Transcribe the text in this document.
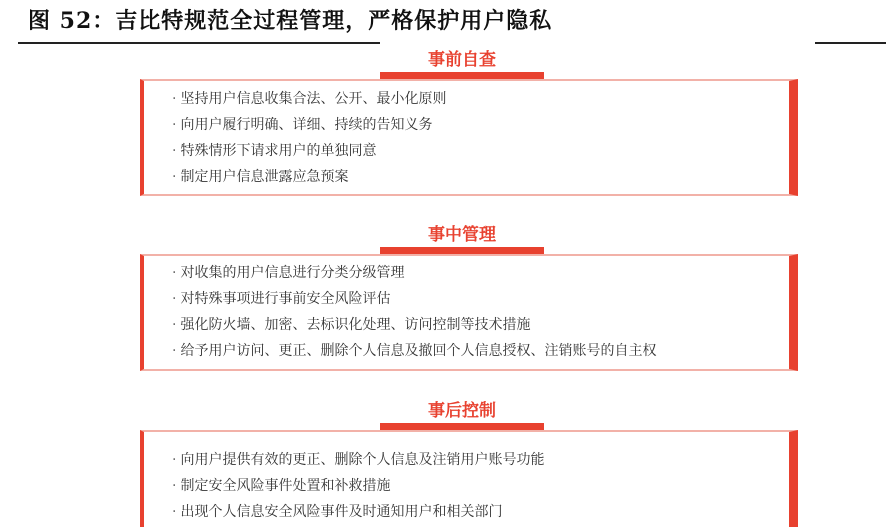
图 52：吉比特规范全过程管理，严格保护用户隐私
事前自查
· 坚持用户信息收集合法、公开、最小化原则
· 向用户履行明确、详细、持续的告知义务
· 特殊情形下请求用户的单独同意
· 制定用户信息泄露应急预案
事中管理
· 对收集的用户信息进行分类分级管理
· 对特殊事项进行事前安全风险评估
· 强化防火墙、加密、去标识化处理、访问控制等技术措施
· 给予用户访问、更正、删除个人信息及撤回个人信息授权、注销账号的自主权
事后控制
· 向用户提供有效的更正、删除个人信息及注销用户账号功能
· 制定安全风险事件处置和补救措施
· 出现个人信息安全风险事件及时通知用户和相关部门
